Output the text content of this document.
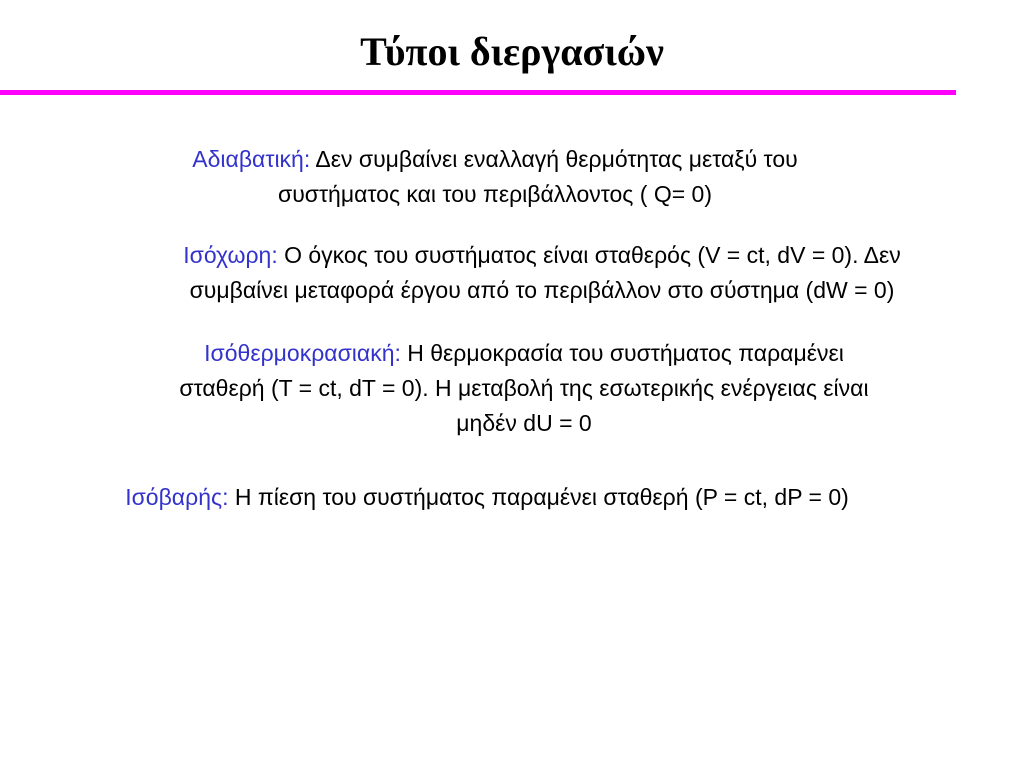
Τύποι διεργασιών
Αδιαβατική: Δεν συμβαίνει εναλλαγή θερμότητας μεταξύ του
συστήματος και του περιβάλλοντος ( Q= 0)
Ισόχωρη: Ο όγκος του συστήματος είναι σταθερός (V = ct, dV = 0). Δεν
συμβαίνει μεταφορά έργου από το περιβάλλον στο σύστημα (dW = 0)
Ισόθερμοκρασιακή: Η θερμοκρασία του συστήματος παραμένει
σταθερή (T = ct, dT = 0). Η μεταβολή της εσωτερικής ενέργειας είναι
μηδέν dU = 0
Ισόβαρής: Η πίεση του συστήματος παραμένει σταθερή (P = ct, dP = 0)
